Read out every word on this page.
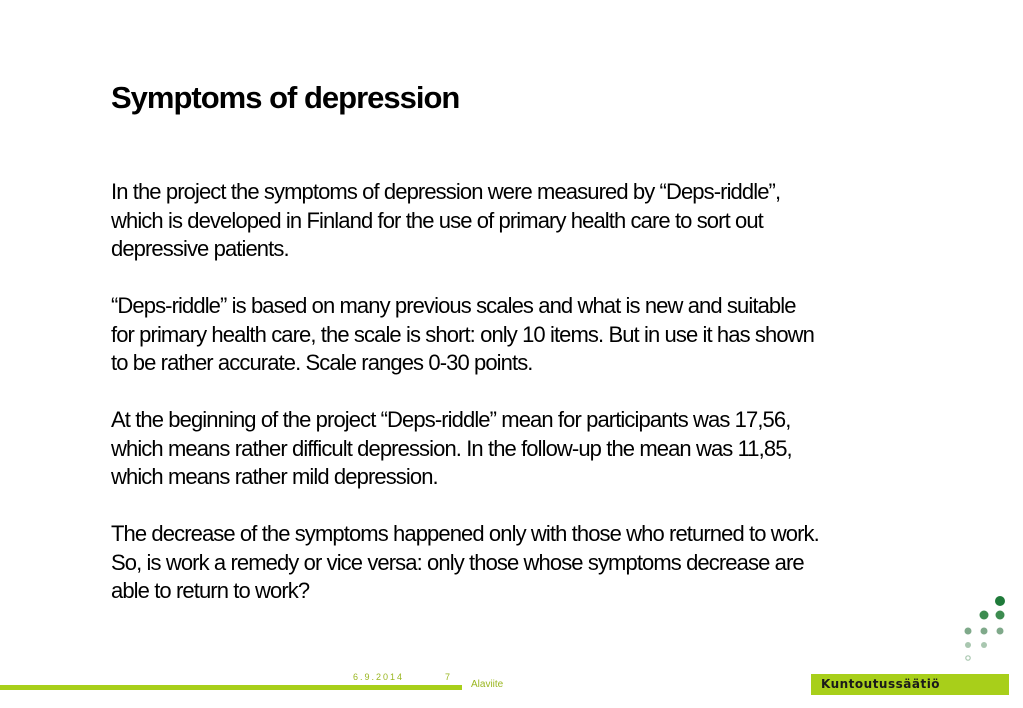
Symptoms of depression

In the project the symptoms of depression were measured by “Deps-riddle”,
which is developed in Finland for the use of primary health care to sort out
depressive patients.

“Deps-riddle” is based on many previous scales and what is new and suitable
for primary health care, the scale is short: only 10 items. But in use it has shown
to be rather accurate. Scale ranges 0-30 points.

At the beginning of the project “Deps-riddle” mean for participants was 17,56,
which means rather difficult depression. In the follow-up the mean was 11,85,
which means rather mild depression.

The decrease of the symptoms happened only with those who returned to work.
So, is work a remedy or vice versa: only those whose symptoms decrease are
able to return to work?

6.9.2014	7
Alaviite	Kuntoutussäätiö
